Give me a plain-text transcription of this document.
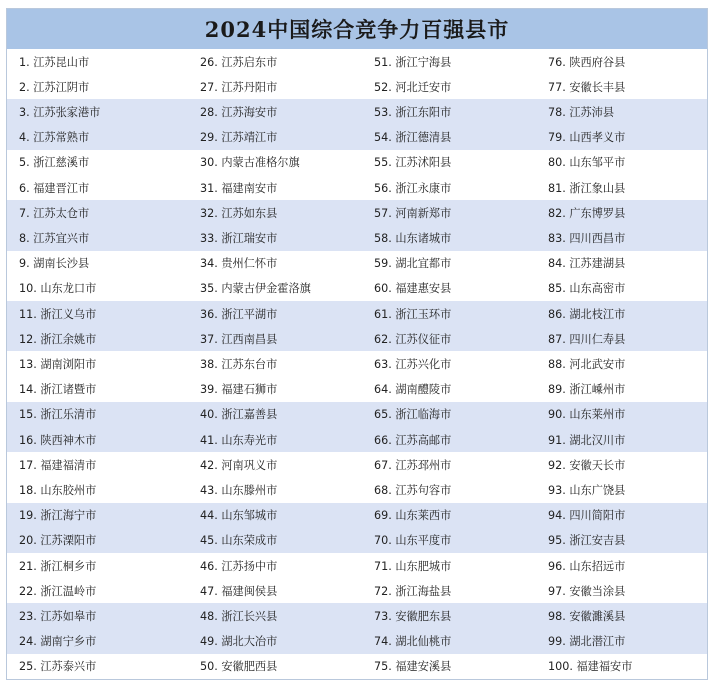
2024中国综合竞争力百强县市
1. 江苏昆山市	26. 江苏启东市	51. 浙江宁海县	76. 陕西府谷县
2. 江苏江阴市	27. 江苏丹阳市	52. 河北迁安市	77. 安徽长丰县
3. 江苏张家港市	28. 江苏海安市	53. 浙江东阳市	78. 江苏沛县
4. 江苏常熟市	29. 江苏靖江市	54. 浙江德清县	79. 山西孝义市
5. 浙江慈溪市	30. 内蒙古准格尔旗	55. 江苏沭阳县	80. 山东邹平市
6. 福建晋江市	31. 福建南安市	56. 浙江永康市	81. 浙江象山县
7. 江苏太仓市	32. 江苏如东县	57. 河南新郑市	82. 广东博罗县
8. 江苏宜兴市	33. 浙江瑞安市	58. 山东诸城市	83. 四川西昌市
9. 湖南长沙县	34. 贵州仁怀市	59. 湖北宜都市	84. 江苏建湖县
10. 山东龙口市	35. 内蒙古伊金霍洛旗	60. 福建惠安县	85. 山东高密市
11. 浙江义乌市	36. 浙江平湖市	61. 浙江玉环市	86. 湖北枝江市
12. 浙江余姚市	37. 江西南昌县	62. 江苏仪征市	87. 四川仁寿县
13. 湖南浏阳市	38. 江苏东台市	63. 江苏兴化市	88. 河北武安市
14. 浙江诸暨市	39. 福建石狮市	64. 湖南醴陵市	89. 浙江嵊州市
15. 浙江乐清市	40. 浙江嘉善县	65. 浙江临海市	90. 山东莱州市
16. 陕西神木市	41. 山东寿光市	66. 江苏高邮市	91. 湖北汉川市
17. 福建福清市	42. 河南巩义市	67. 江苏邳州市	92. 安徽天长市
18. 山东胶州市	43. 山东滕州市	68. 江苏句容市	93. 山东广饶县
19. 浙江海宁市	44. 山东邹城市	69. 山东莱西市	94. 四川简阳市
20. 江苏溧阳市	45. 山东荣成市	70. 山东平度市	95. 浙江安吉县
21. 浙江桐乡市	46. 江苏扬中市	71. 山东肥城市	96. 山东招远市
22. 浙江温岭市	47. 福建闽侯县	72. 浙江海盐县	97. 安徽当涂县
23. 江苏如皋市	48. 浙江长兴县	73. 安徽肥东县	98. 安徽濉溪县
24. 湖南宁乡市	49. 湖北大冶市	74. 湖北仙桃市	99. 湖北潜江市
25. 江苏泰兴市	50. 安徽肥西县	75. 福建安溪县	100. 福建福安市
